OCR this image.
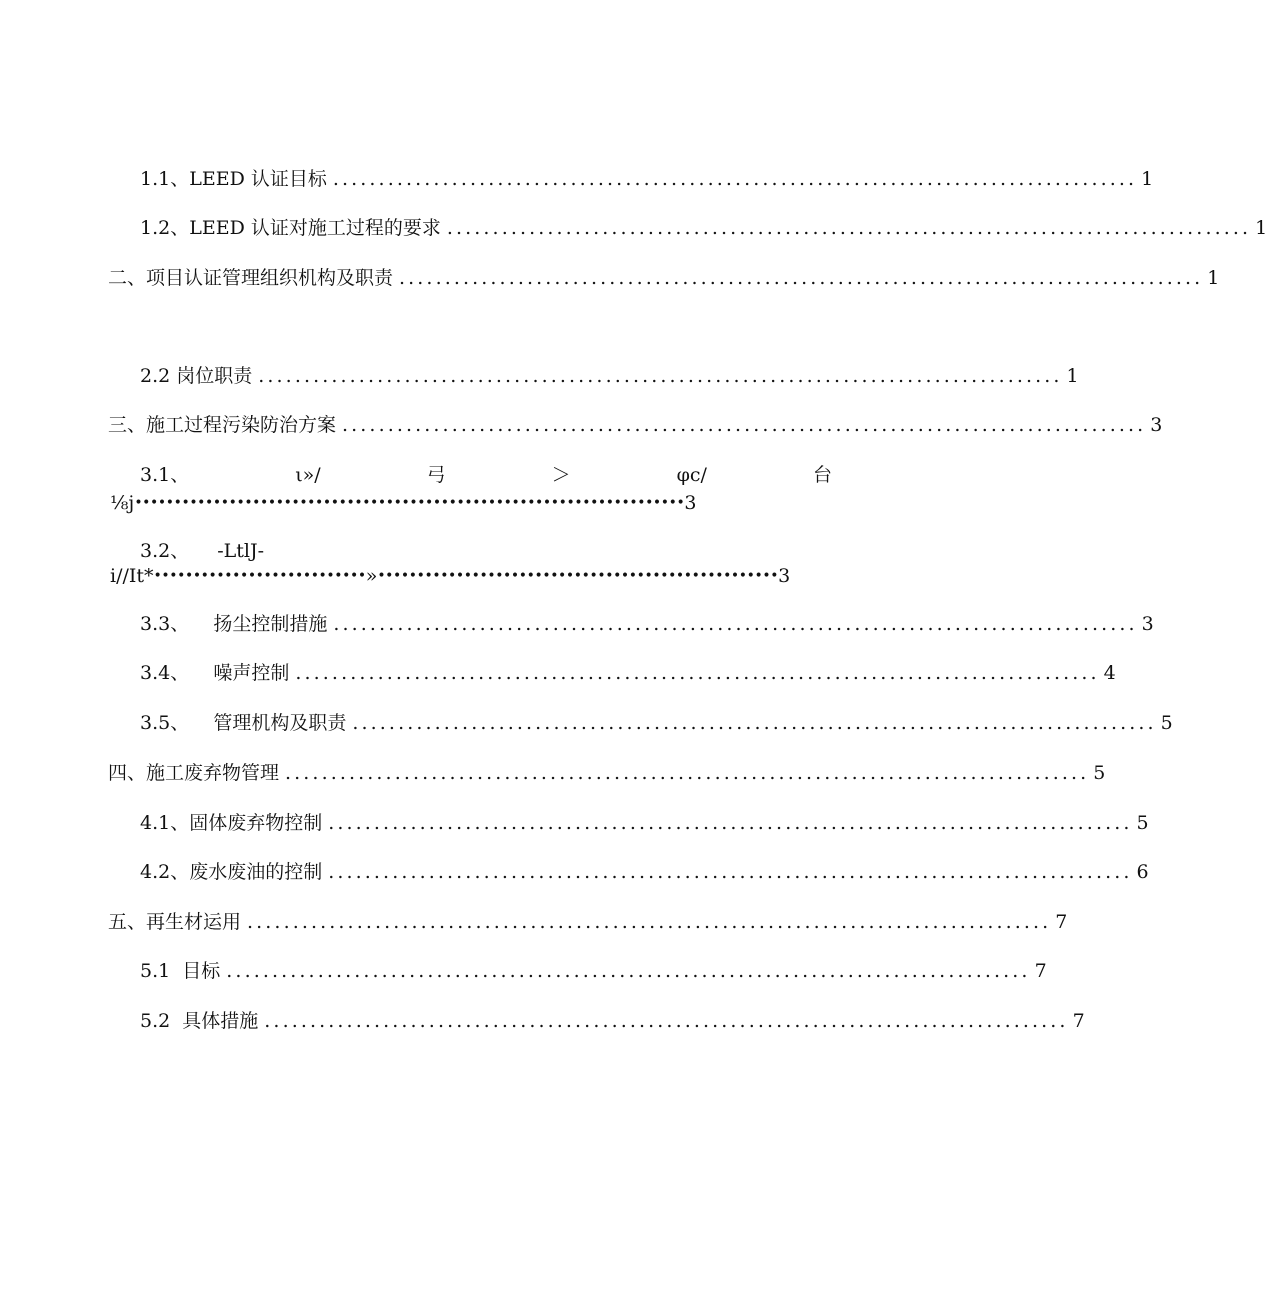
1.1、LEED 认证目标 ........................................................................................ 1
1.2、LEED 认证对施工过程的要求 ........................................................................................ 1
二、项目认证管理组织机构及职责 ........................................................................................ 1
2.2 岗位职责 ........................................................................................ 1
三、施工过程污染防治方案 ........................................................................................ 3
3.1、	ι»/	弓	＞	φc/	台
⅛j •••••••••••••••••••••••••••••••••••••••••••••••••••••••••••••••••••••• 3
3.2、 -LtlJ-
i//It* ••••••••••••••••••••••••••• » ••••••••••••••••••••••••••••••••••••••••••••••••••• 3
3.3、    扬尘控制措施 ........................................................................................ 3
3.4、    噪声控制 ........................................................................................ 4
3.5、    管理机构及职责 ........................................................................................ 5
四、施工废弃物管理 ........................................................................................ 5
4.1、固体废弃物控制 ........................................................................................ 5
4.2、废水废油的控制 ........................................................................................ 6
五、再生材运用 ........................................................................................ 7
5.1  目标 ........................................................................................ 7
5.2  具体措施 ........................................................................................ 7
